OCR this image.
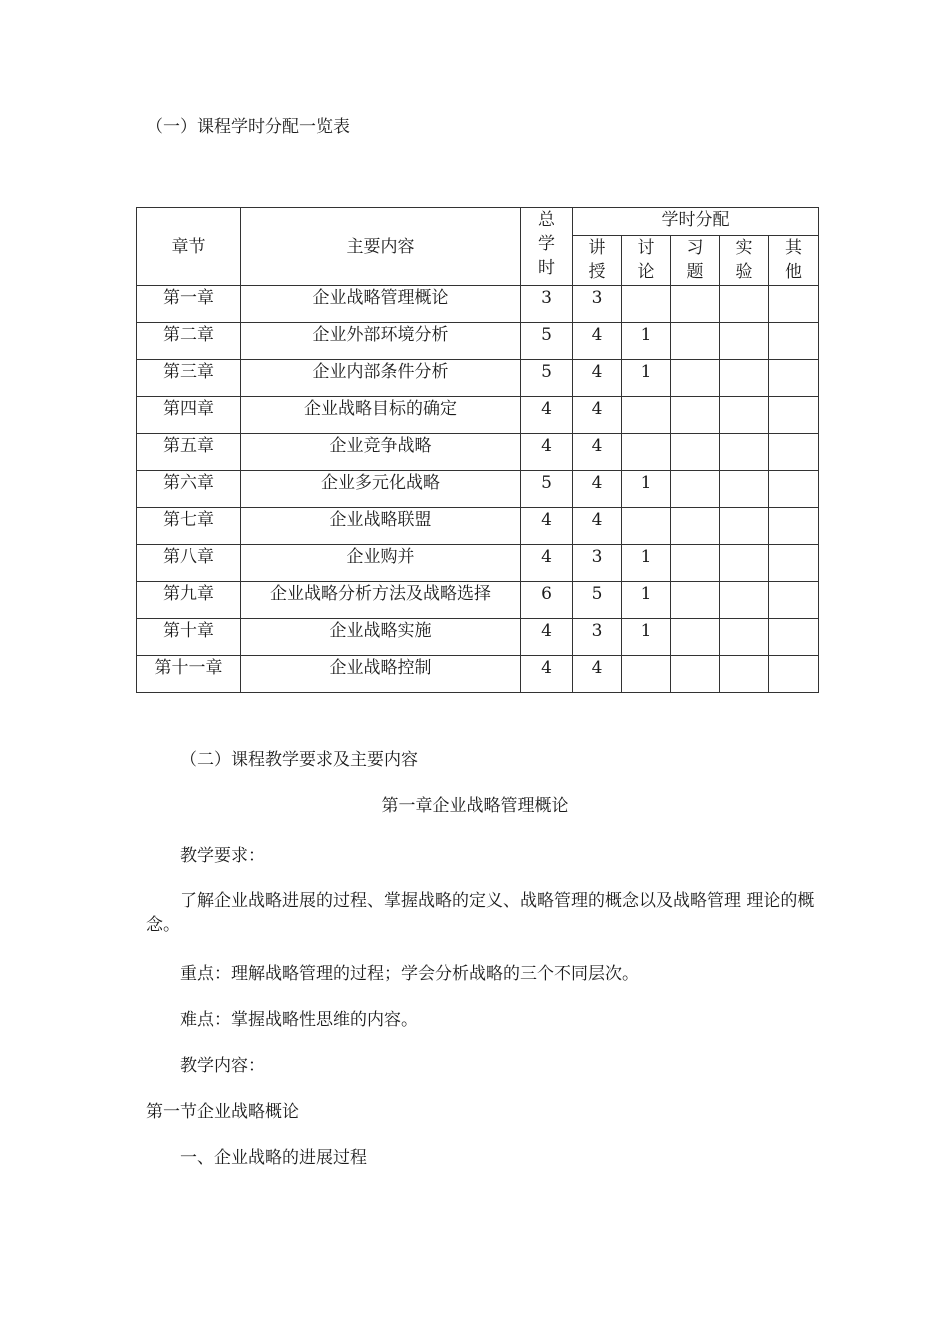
（一）课程学时分配一览表
章节	主要内容	总学时	学时分配				
			讲授	讨论	习题	实验	其他
第一章	企业战略管理概论	3	3				
第二章	企业外部环境分析	5	4	1			
第三章	企业内部条件分析	5	4	1			
第四章	企业战略目标的确定	4	4				
第五章	企业竞争战略	4	4				
第六章	企业多元化战略	5	4	1			
第七章	企业战略联盟	4	4				
第八章	企业购并	4	3	1			
第九章	企业战略分析方法及战略选择	6	5	1			
第十章	企业战略实施	4	3	1			
第十一章	企业战略控制	4	4				
（二）课程教学要求及主要内容
第一章企业战略管理概论
教学要求：
了解企业战略进展的过程、掌握战略的定义、战略管理的概念以及战略管理 理论的概念。
重点：理解战略管理的过程；学会分析战略的三个不同层次。
难点：掌握战略性思维的内容。
教学内容：
第一节企业战略概论
一、企业战略的进展过程
